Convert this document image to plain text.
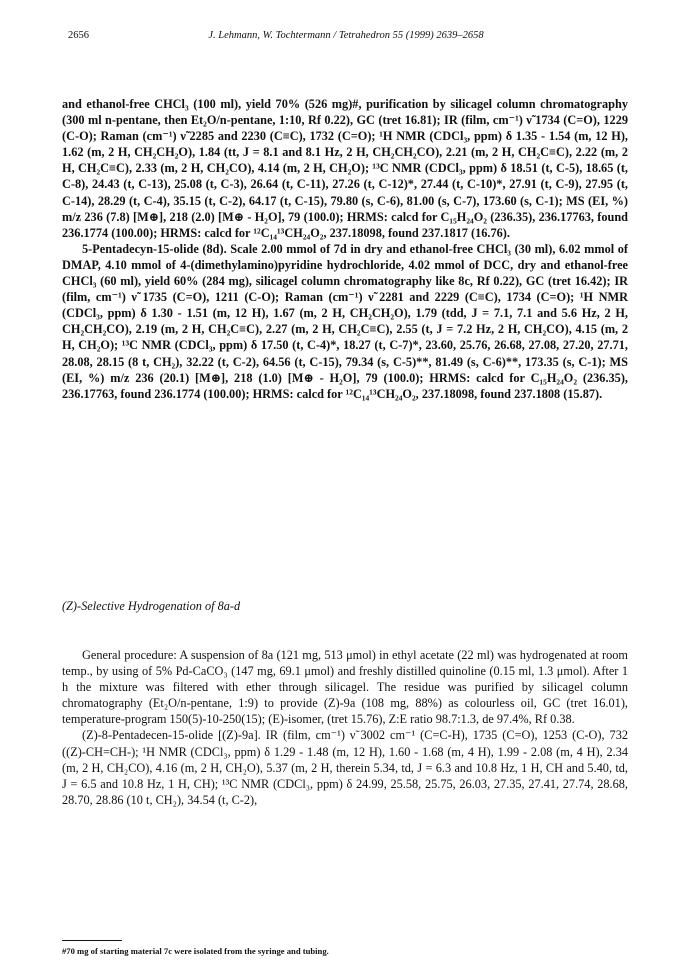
2656	J. Lehmann, W. Tochtermann / Tetrahedron 55 (1999) 2639–2658

and ethanol-free CHCl₃ (100 ml), yield 70% (526 mg)#, purification by silicagel column chromatography (300 ml n-pentane, then Et₂O/n-pentane, 1:10, Rf 0.22), GC (tret 16.81); IR (film, cm⁻¹) ν̃ 1734 (C=O), 1229 (C-O); Raman (cm⁻¹) ν̃ 2285 and 2230 (C≡C), 1732 (C=O); ¹H NMR (CDCl₃, ppm) δ 1.35 - 1.54 (m, 12 H), 1.62 (m, 2 H, CH₂CH₂O), 1.84 (tt, J = 8.1 and 8.1 Hz, 2 H, CH₂CH₂CO), 2.21 (m, 2 H, CH₂C≡C), 2.22 (m, 2 H, CH₂C≡C), 2.33 (m, 2 H, CH₂CO), 4.14 (m, 2 H, CH₂O); ¹³C NMR (CDCl₃, ppm) δ 18.51 (t, C-5), 18.65 (t, C-8), 24.43 (t, C-13), 25.08 (t, C-3), 26.64 (t, C-11), 27.26 (t, C-12)*, 27.44 (t, C-10)*, 27.91 (t, C-9), 27.95 (t, C-14), 28.29 (t, C-4), 35.15 (t, C-2), 64.17 (t, C-15), 79.80 (s, C-6), 81.00 (s, C-7), 173.60 (s, C-1); MS (EI, %) m/z 236 (7.8) [M⊕], 218 (2.0) [M⊕ - H₂O], 79 (100.0); HRMS: calcd for C₁₅H₂₄O₂ (236.35), 236.17763, found 236.1774 (100.00); HRMS: calcd for ¹²C₁₄¹³CH₂₄O₂, 237.18098, found 237.1817 (16.76).

5-Pentadecyn-15-olide (8d). Scale 2.00 mmol of 7d in dry and ethanol-free CHCl₃ (30 ml), 6.02 mmol of DMAP, 4.10 mmol of 4-(dimethylamino)pyridine hydrochloride, 4.02 mmol of DCC, dry and ethanol-free CHCl₃ (60 ml), yield 60% (284 mg), silicagel column chromatography like 8c, Rf 0.22), GC (tret 16.42); IR (film, cm⁻¹) ν̃ 1735 (C=O), 1211 (C-O); Raman (cm⁻¹) ν̃ 2281 and 2229 (C≡C), 1734 (C=O); ¹H NMR (CDCl₃, ppm) δ 1.30 - 1.51 (m, 12 H), 1.67 (m, 2 H, CH₂CH₂O), 1.79 (tdd, J = 7.1, 7.1 and 5.6 Hz, 2 H, CH₂CH₂CO), 2.19 (m, 2 H, CH₂C≡C), 2.27 (m, 2 H, CH₂C≡C), 2.55 (t, J = 7.2 Hz, 2 H, CH₂CO), 4.15 (m, 2 H, CH₂O); ¹³C NMR (CDCl₃, ppm) δ 17.50 (t, C-4)*, 18.27 (t, C-7)*, 23.60, 25.76, 26.68, 27.08, 27.20, 27.71, 28.08, 28.15 (8 t, CH₂), 32.22 (t, C-2), 64.56 (t, C-15), 79.34 (s, C-5)**, 81.49 (s, C-6)**, 173.35 (s, C-1); MS (EI, %) m/z 236 (20.1) [M⊕], 218 (1.0) [M⊕ - H₂O], 79 (100.0); HRMS: calcd for C₁₅H₂₄O₂ (236.35), 236.17763, found 236.1774 (100.00); HRMS: calcd for ¹²C₁₄¹³CH₂₄O₂, 237.18098, found 237.1808 (15.87).

(Z)-Selective Hydrogenation of 8a-d

General procedure: A suspension of 8a (121 mg, 513 μmol) in ethyl acetate (22 ml) was hydrogenated at room temp., by using of 5% Pd-CaCO₃ (147 mg, 69.1 μmol) and freshly distilled quinoline (0.15 ml, 1.3 μmol). After 1 h the mixture was filtered with ether through silicagel. The residue was purified by silicagel column chromatography (Et₂O/n-pentane, 1:9) to provide (Z)-9a (108 mg, 88%) as colourless oil, GC (tret 16.01), temperature-program 150(5)-10-250(15); (E)-isomer, (tret 15.76), Z:E ratio 98.7:1.3, de 97.4%, Rf 0.38.

(Z)-8-Pentadecen-15-olide [(Z)-9a]. IR (film, cm⁻¹) ν̃ 3002 cm⁻¹ (C=C-H), 1735 (C=O), 1253 (C-O), 732 ((Z)-CH=CH-); ¹H NMR (CDCl₃, ppm) δ 1.29 - 1.48 (m, 12 H), 1.60 - 1.68 (m, 4 H), 1.99 - 2.08 (m, 4 H), 2.34 (m, 2 H, CH₂CO), 4.16 (m, 2 H, CH₂O), 5.37 (m, 2 H, therein 5.34, td, J = 6.3 and 10.8 Hz, 1 H, CH and 5.40, td, J = 6.5 and 10.8 Hz, 1 H, CH); ¹³C NMR (CDCl₃, ppm) δ 24.99, 25.58, 25.75, 26.03, 27.35, 27.41, 27.74, 28.68, 28.70, 28.86 (10 t, CH₂), 34.54 (t, C-2),

#70 mg of starting material 7c were isolated from the syringe and tubing.
